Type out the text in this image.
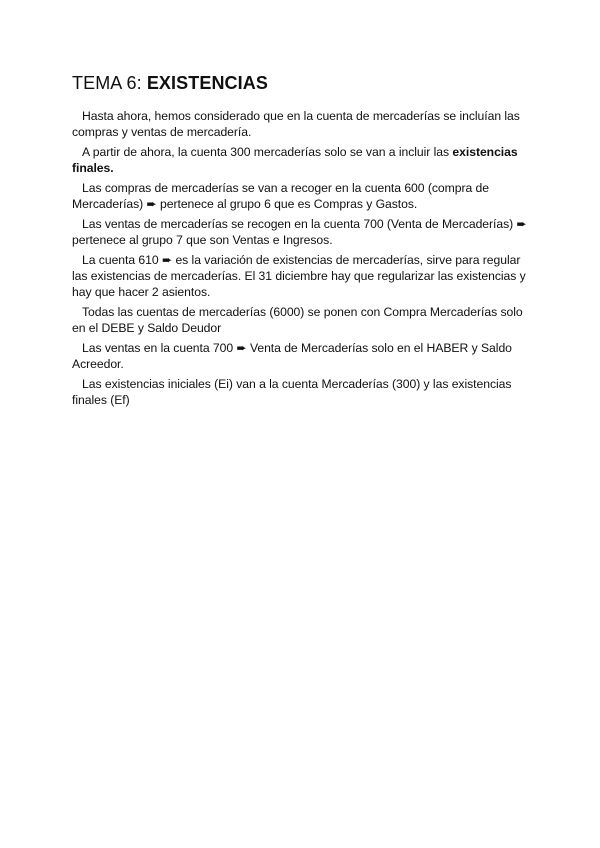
TEMA 6: EXISTENCIAS

Hasta ahora, hemos considerado que en la cuenta de mercaderías se incluían las compras y ventas de mercadería.

A partir de ahora, la cuenta 300 mercaderías solo se van a incluir las existencias finales.

Las compras de mercaderías se van a recoger en la cuenta 600 (compra de Mercaderías) ➨ pertenece al grupo 6 que es Compras y Gastos.

Las ventas de mercaderías se recogen en la cuenta 700 (Venta de Mercaderías) ➨ pertenece al grupo 7 que son Ventas e Ingresos.

La cuenta 610 ➨ es la variación de existencias de mercaderías, sirve para regular las existencias de mercaderías. El 31 diciembre hay que regularizar las existencias y hay que hacer 2 asientos.

Todas las cuentas de mercaderías (6000) se ponen con Compra Mercaderías solo en el DEBE y Saldo Deudor

Las ventas en la cuenta 700 ➨ Venta de Mercaderías solo en el HABER y Saldo Acreedor.

Las existencias iniciales (Ei) van a la cuenta Mercaderías (300) y las existencias finales (Ef)
